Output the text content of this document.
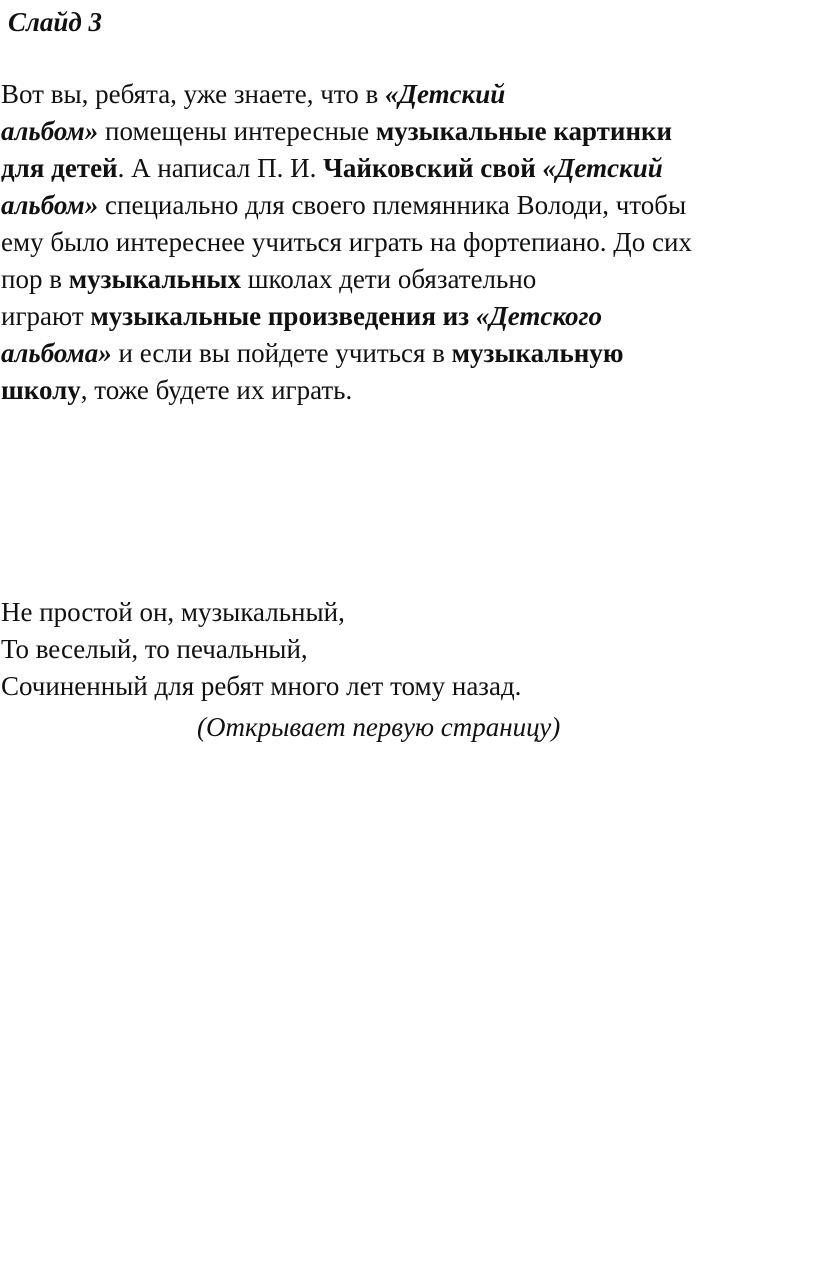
Слайд 3

Вот вы, ребята, уже знаете, что в «Детский

альбом» помещены интересные музыкальные картинки

для детей. А написал П. И. Чайковский свой «Детский

альбом» специально для своего племянника Володи, чтобы

ему было интереснее учиться играть на фортепиано. До сих

пор в музыкальных школах дети обязательно

играют музыкальные произведения из «Детского

альбома» и если вы пойдете учиться в музыкальную

школу, тоже будете их играть.

Не простой он, музыкальный,

То веселый, то печальный,

Сочиненный для ребят много лет тому назад.

(Открывает первую страницу)
